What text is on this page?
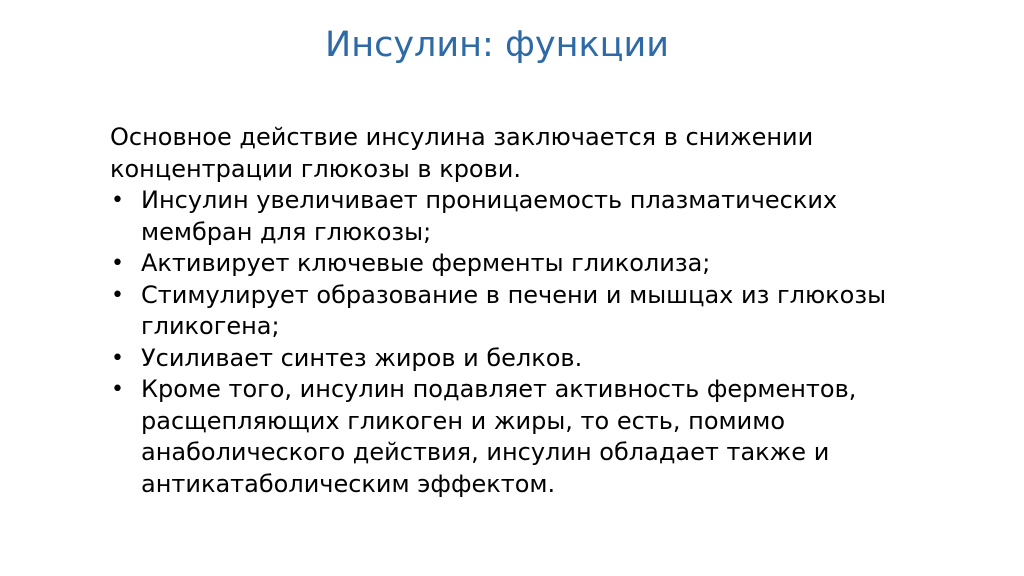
Инсулин: функции

Основное действие инсулина заключается в снижении концентрации глюкозы в крови.

• Инсулин увеличивает проницаемость плазматических мембран для глюкозы;
• Активирует ключевые ферменты гликолиза;
• Стимулирует образование в печени и мышцах из глюкозы гликогена;
• Усиливает синтез жиров и белков.
• Кроме того, инсулин подавляет активность ферментов, расщепляющих гликоген и жиры, то есть, помимо анаболического действия, инсулин обладает также и антикатаболическим эффектом.
